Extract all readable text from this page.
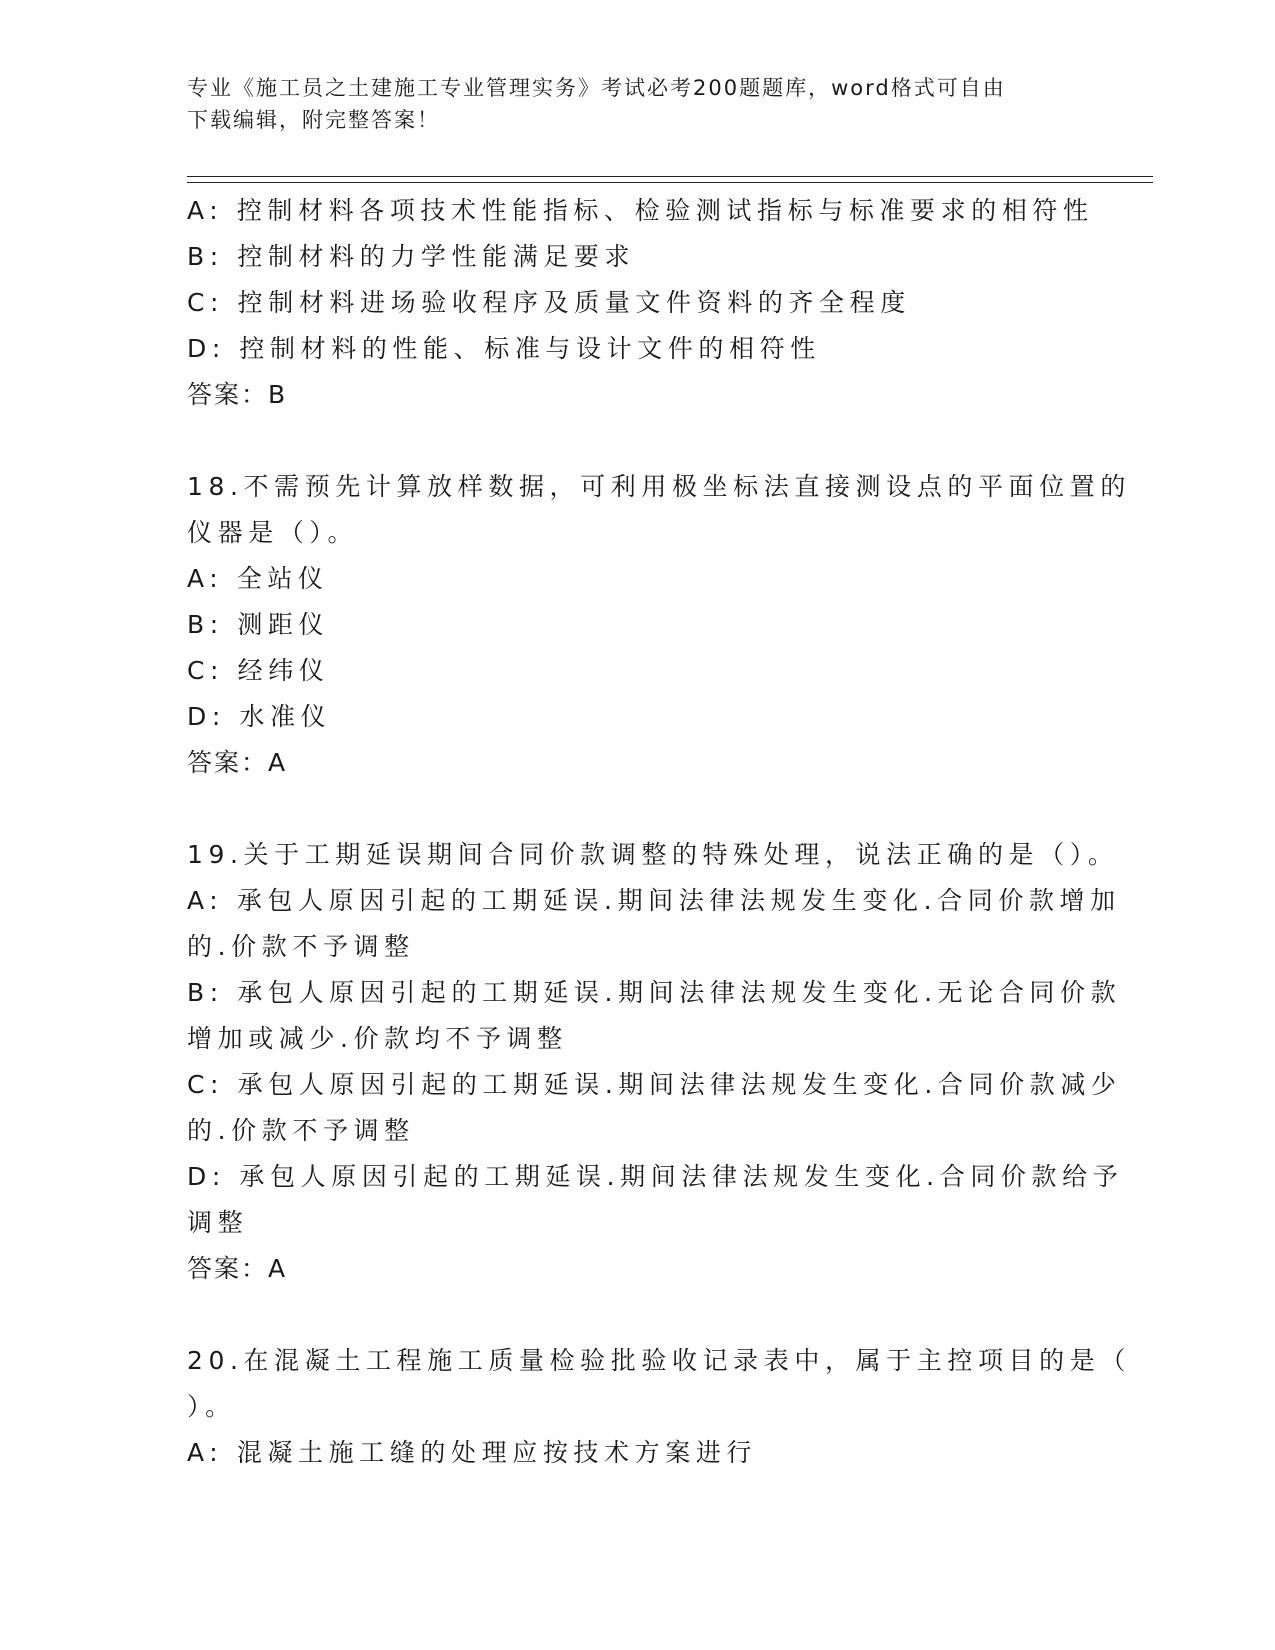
专业《施工员之土建施工专业管理实务》考试必考200题题库，word格式可自由
下载编辑，附完整答案！
A: 控制材料各项技术性能指标、检验测试指标与标准要求的相符性
B: 控制材料的力学性能满足要求
C: 控制材料进场验收程序及质量文件资料的齐全程度
D: 控制材料的性能、标准与设计文件的相符性
答案：B
18.不需预先计算放样数据，可利用极坐标法直接测设点的平面位置的
仪器是（）。
A: 全站仪
B: 测距仪
C: 经纬仪
D: 水准仪
答案：A
19.关于工期延误期间合同价款调整的特殊处理，说法正确的是（）。
A: 承包人原因引起的工期延误.期间法律法规发生变化.合同价款增加
的.价款不予调整
B: 承包人原因引起的工期延误.期间法律法规发生变化.无论合同价款
增加或减少.价款均不予调整
C: 承包人原因引起的工期延误.期间法律法规发生变化.合同价款减少
的.价款不予调整
D: 承包人原因引起的工期延误.期间法律法规发生变化.合同价款给予
调整
答案：A
20.在混凝土工程施工质量检验批验收记录表中，属于主控项目的是（
）。
A: 混凝土施工缝的处理应按技术方案进行
